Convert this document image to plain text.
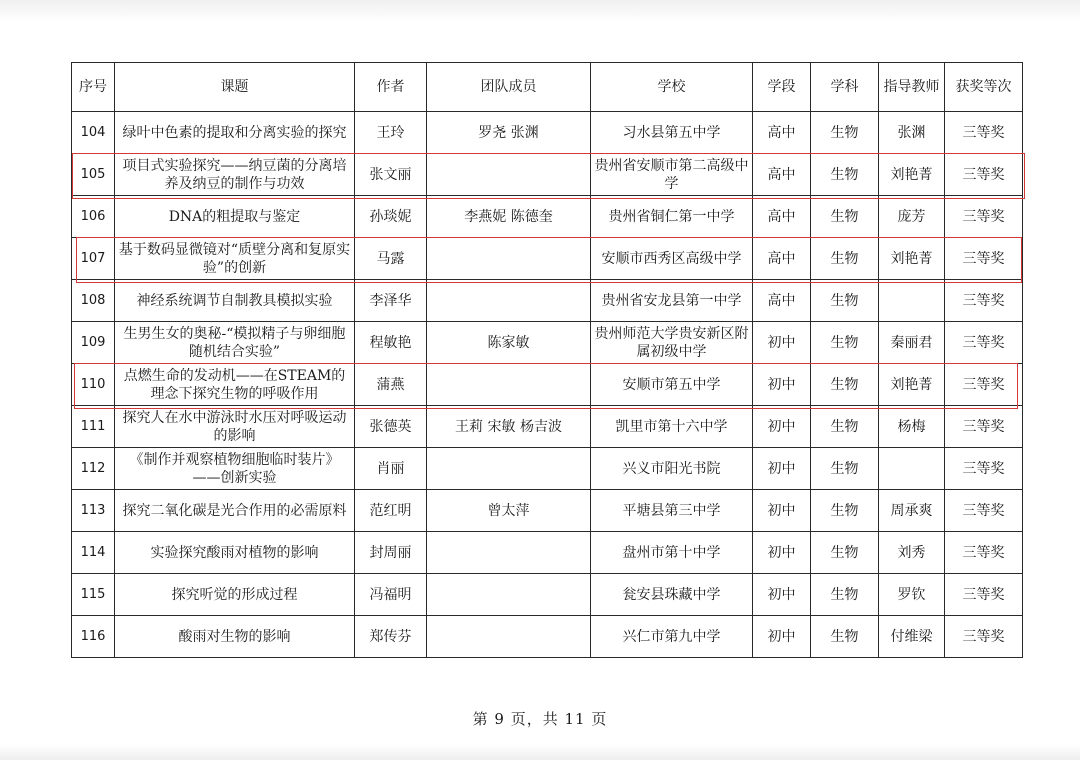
序号	课题	作者	团队成员	学校	学段	学科	指导教师	获奖等次
104	绿叶中色素的提取和分离实验的探究	王玲	罗尧 张渊	习水县第五中学	高中	生物	张渊	三等奖
105	项目式实验探究——纳豆菌的分离培养及纳豆的制作与功效	张文丽		贵州省安顺市第二高级中学	高中	生物	刘艳菁	三等奖
106	DNA的粗提取与鉴定	孙琰妮	李燕妮 陈德奎	贵州省铜仁第一中学	高中	生物	庞芳	三等奖
107	基于数码显微镜对“质壁分离和复原实验”的创新	马露		安顺市西秀区高级中学	高中	生物	刘艳菁	三等奖
108	神经系统调节自制教具模拟实验	李泽华		贵州省安龙县第一中学	高中	生物		三等奖
109	生男生女的奥秘-“模拟精子与卵细胞随机结合实验”	程敏艳	陈家敏	贵州师范大学贵安新区附属初级中学	初中	生物	秦丽君	三等奖
110	点燃生命的发动机——在STEAM的理念下探究生物的呼吸作用	蒲燕		安顺市第五中学	初中	生物	刘艳菁	三等奖
111	探究人在水中游泳时水压对呼吸运动的影响	张德英	王莉 宋敏 杨吉波	凯里市第十六中学	初中	生物	杨梅	三等奖
112	《制作并观察植物细胞临时装片》——创新实验	肖丽		兴义市阳光书院	初中	生物		三等奖
113	探究二氧化碳是光合作用的必需原料	范红明	曾太萍	平塘县第三中学	初中	生物	周承爽	三等奖
114	实验探究酸雨对植物的影响	封周丽		盘州市第十中学	初中	生物	刘秀	三等奖
115	探究听觉的形成过程	冯福明		瓮安县珠藏中学	初中	生物	罗钦	三等奖
116	酸雨对生物的影响	郑传芬		兴仁市第九中学	初中	生物	付维梁	三等奖
第 9 页，共 11 页
